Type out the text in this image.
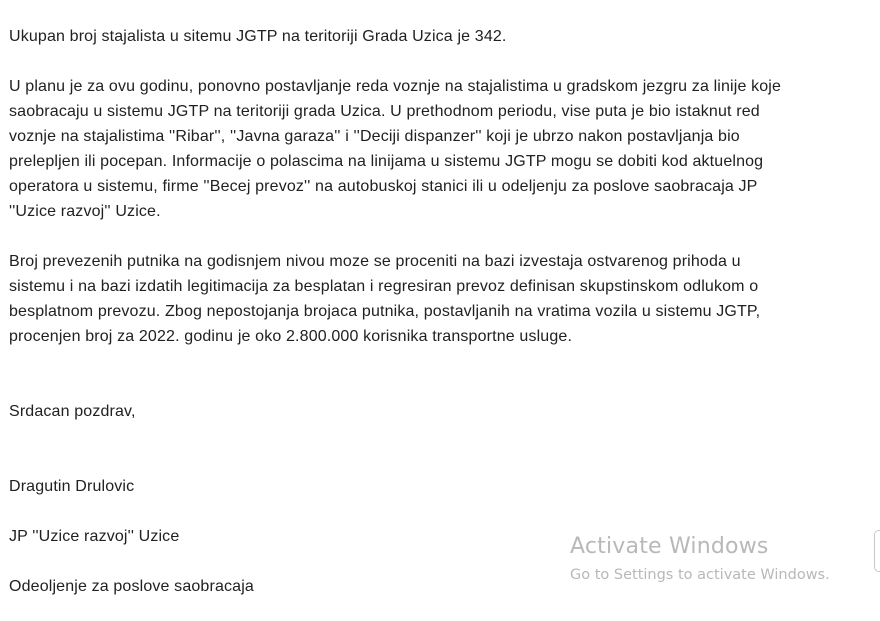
Ukupan broj stajalista u sitemu JGTP na teritoriji Grada Uzica je 342.

U planu je za ovu godinu, ponovno postavljanje reda voznje na stajalistima u gradskom jezgru za linije koje
saobracaju u sistemu JGTP na teritoriji grada Uzica. U prethodnom periodu, vise puta je bio istaknut red
voznje na stajalistima ''Ribar'', ''Javna garaza'' i ''Deciji dispanzer'' koji je ubrzo nakon postavljanja bio
prelepljen ili pocepan. Informacije o polascima na linijama u sistemu JGTP mogu se dobiti kod aktuelnog
operatora u sistemu, firme ''Becej prevoz'' na autobuskoj stanici ili u odeljenju za poslove saobracaja JP
''Uzice razvoj'' Uzice.

Broj prevezenih putnika na godisnjem nivou moze se proceniti na bazi izvestaja ostvarenog prihoda u
sistemu i na bazi izdatih legitimacija za besplatan i regresiran prevoz definisan skupstinskom odlukom o
besplatnom prevozu. Zbog nepostojanja brojaca putnika, postavljanih na vratima vozila u sistemu JGTP,
procenjen broj za 2022. godinu je oko 2.800.000 korisnika transportne usluge.

Srdacan pozdrav,

Dragutin Drulovic

JP ''Uzice razvoj'' Uzice

Odeoljenje za poslove saobracaja

Activate Windows
Go to Settings to activate Windows.
